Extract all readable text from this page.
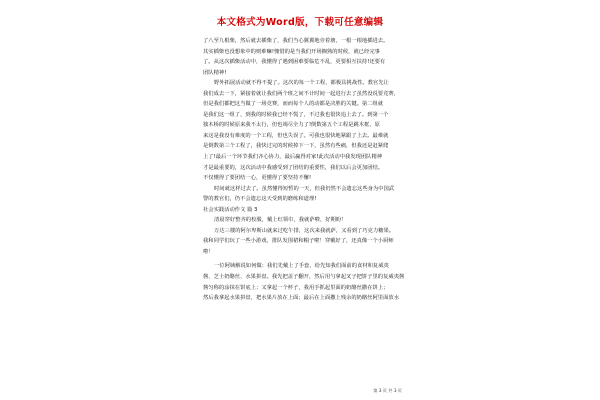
本文格式为Word版，下载可任意编辑
了八至九根柴，然后就去插柴了，我们当心翼翼地旁着塘，一根一根地插进去。
其实插柴也没想象中的则难嘛!愧惜的是当我们开场搁熟的时候，就已经完事
了。从这次插柴活动中，我懂得了遇到困难要临危不乱，更要相互扶持!还要有
团队精神!
野外拓展活动就不得不提了。这次的每一个工程，都极具挑战性。教官先让
我们成去一下，紧接着就让我们两个班之间不计时间一起进行去了虽然没说要竞赛，
但是我们都把这当做了一场竞赛，而而每个人的动都是决胜的关键。第二组就
是我们这一组了，到我的时候我已经不慌了，不过我也很快追上去了。到第一个
独木桥的时候原来我不太行，但也竭尽全力了!倒数第五个工程是跳木框，原
来这是我没有难度的一个工程，但也失误了。可我也很快地紧跟了上去。最难就
是倒数第三个工程了，我快过完的时候掉下一下，虽然有些痛，但我还是赶紧爬
上了!最后一个环节我们齐心协力，最后赢得对家!此次活动中我发现团队精神
才是最重要的，这次活动中我感受到了团结的重要性，我们以后会更加团结。
不仅懂得了要团结一心，更懂得了要坚持不懈!
时间就这样过去了。虽然懂得短暂的一天，但我仍然不会遗忘这些身为中国武
警的教官们，仍不会遗忘这天受到的磨练和道理!
社会实践活动作文 篇 3
清晨穿好整齐的校服，戴上红领巾，我就萨啦，好期盼！
万达三楼的阿尔卑斯山就来过吃午排，这次来我就萨，又看到了巧克力糖果。
我和同学们玩了一些小游戏，排队发围裙和帽子啦！穿戴好了，还真像一个小厨师
啦！
一位阿姨解说如何做：我们先戴上了手套，给先知我们面前的食材和复威夷
酱、芝士奶酪丝、水果拼盘。我先把盖子翻开，然后用勺拿起叉子把饼子里的复威夷酱
酱匀称的涂抹在饼底上；又拿起一个杯子，我用手抓起里面的奶酪丝撒在饼上；
然后我拿起水果拼盘，把水果片放在上面；最后在上面撒上残余的奶酪丝阿里面放水
第 3 页 共 3 页
